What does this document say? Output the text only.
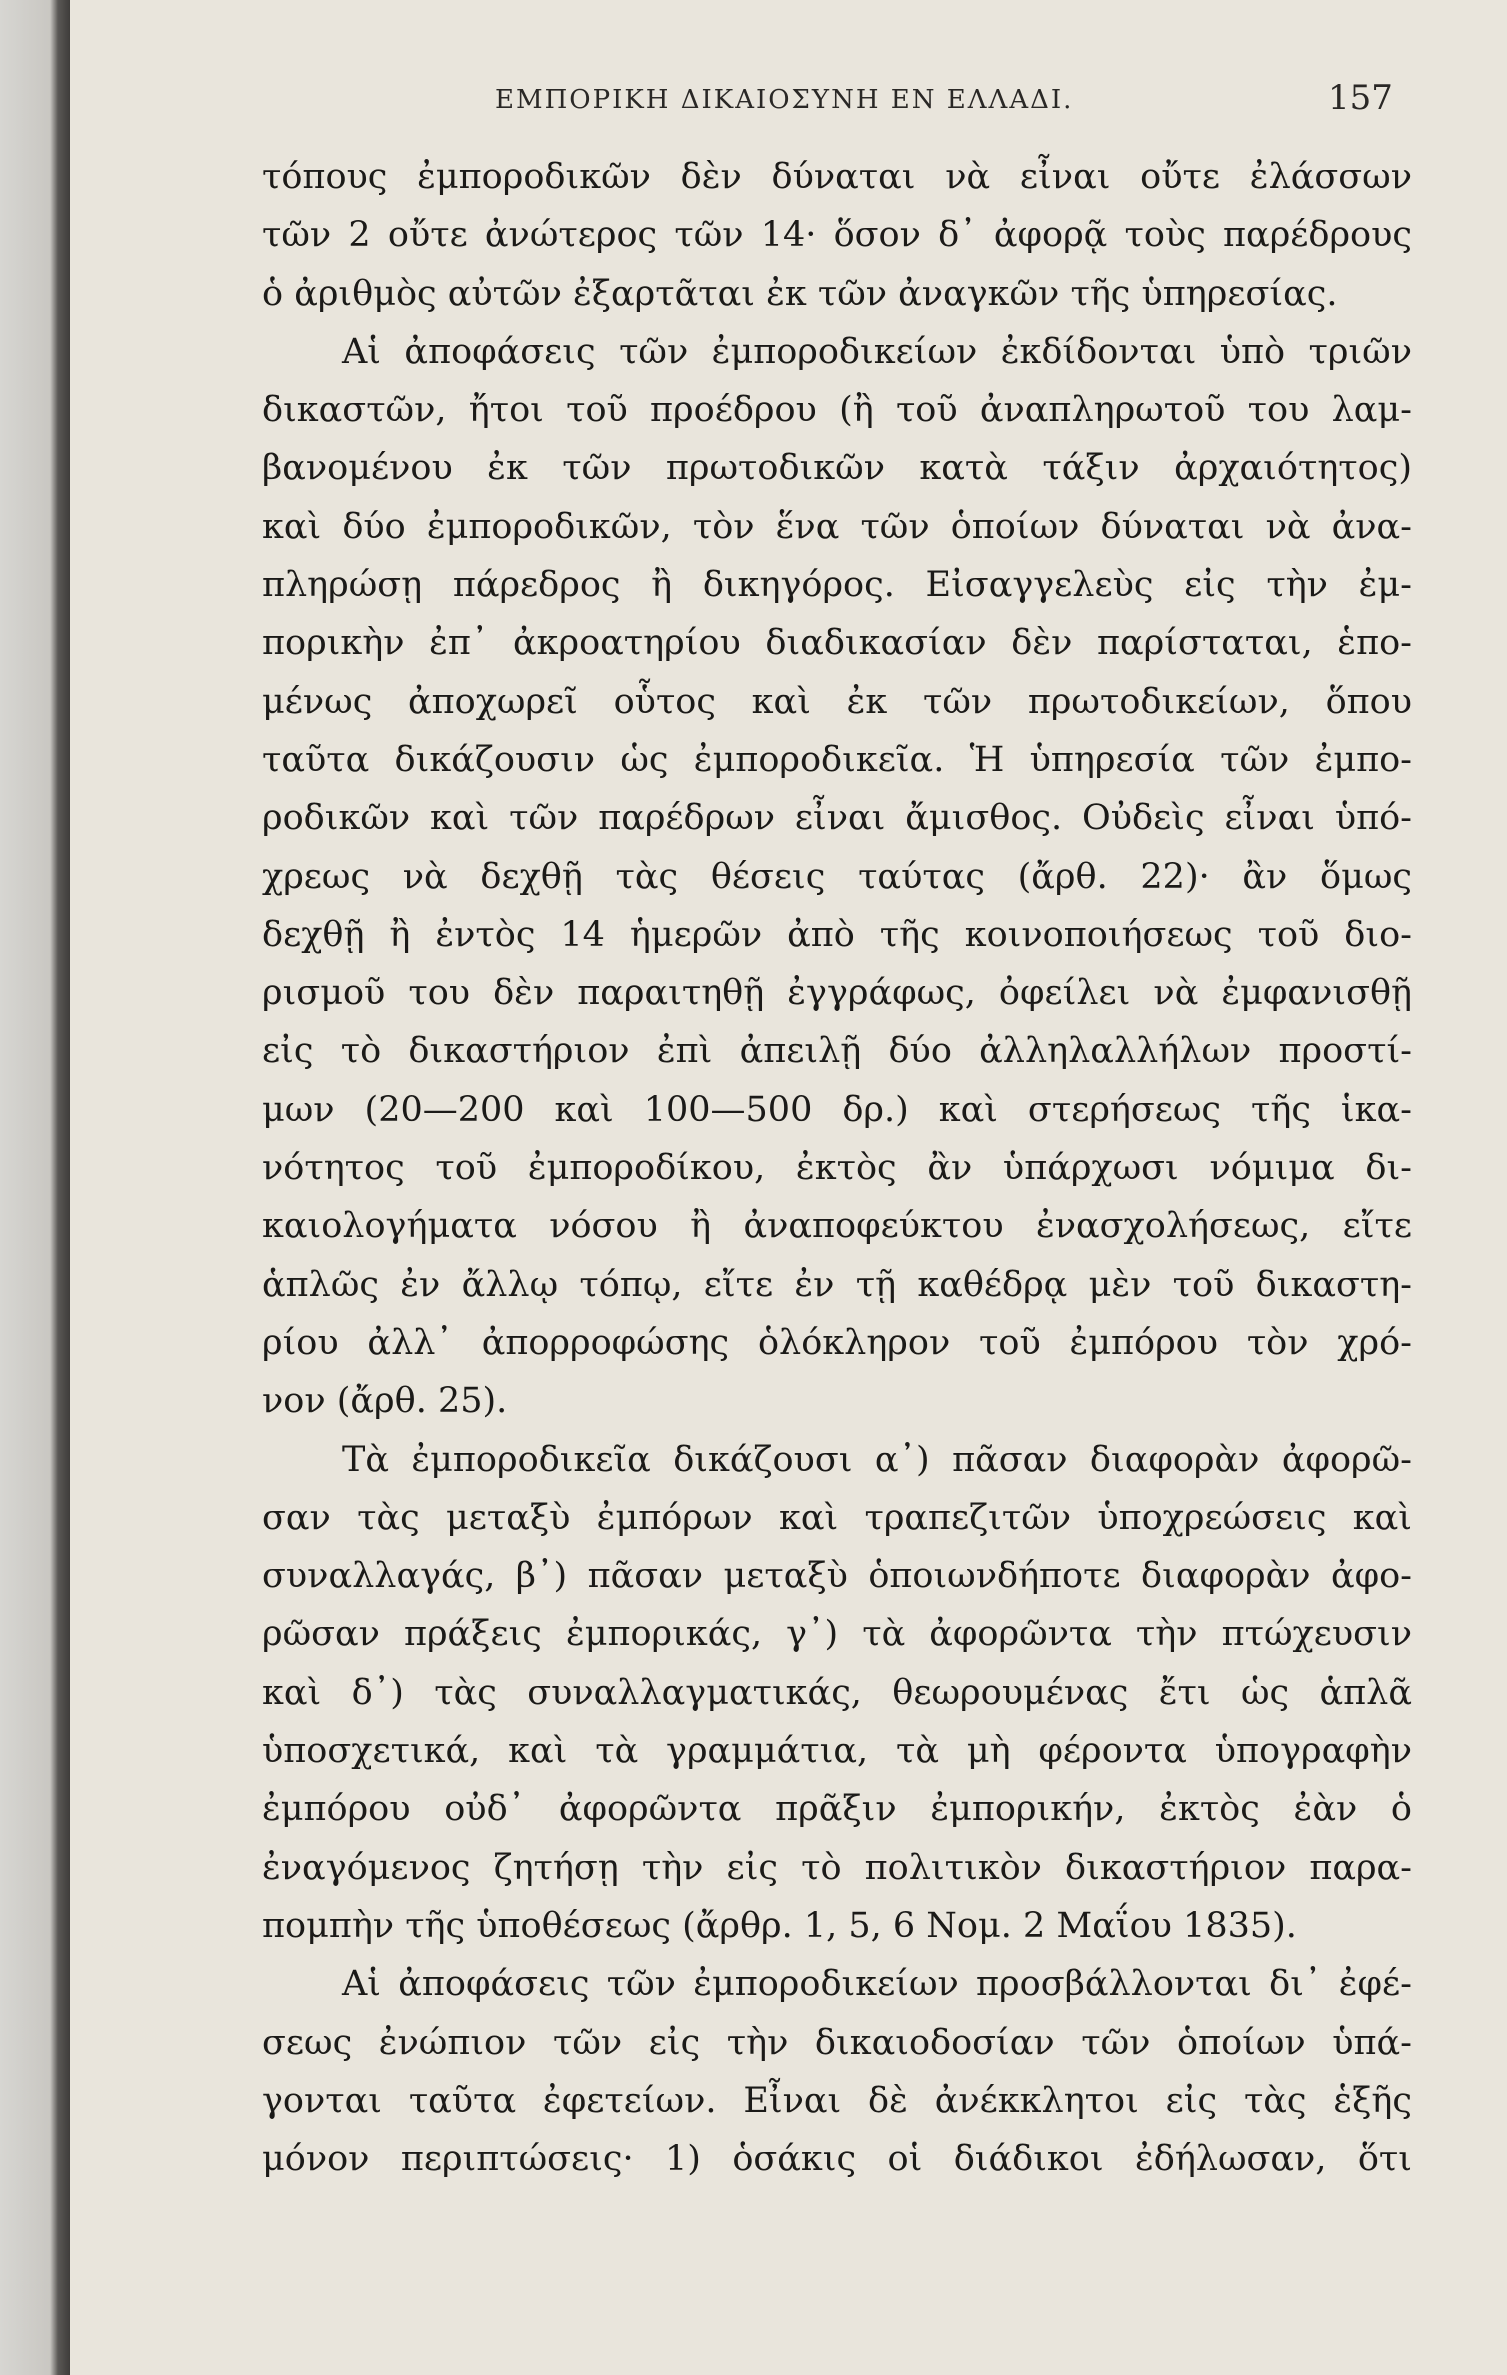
ΕΜΠΟΡΙΚΗ ΔΙΚΑΙΟΣΥΝΗ ΕΝ ΕΛΛΑΔΙ.	157
τόπους ἐμποροδικῶν δὲν δύναται νὰ εἶναι οὔτε ἐλάσσων
τῶν 2 οὔτε ἀνώτερος τῶν 14· ὅσον δ᾿ ἀφορᾷ τοὺς παρέδρους
ὁ ἀριθμὸς αὐτῶν ἐξαρτᾶται ἐκ τῶν ἀναγκῶν τῆς ὑπηρεσίας.
Αἱ ἀποφάσεις τῶν ἐμποροδικείων ἐκδίδονται ὑπὸ τριῶν
δικαστῶν, ἤτοι τοῦ προέδρου (ἢ τοῦ ἀναπληρωτοῦ του λαμ-
βανομένου ἐκ τῶν πρωτοδικῶν κατὰ τάξιν ἀρχαιότητος)
καὶ δύο ἐμποροδικῶν, τὸν ἕνα τῶν ὁποίων δύναται νὰ ἀνα-
πληρώσῃ πάρεδρος ἢ δικηγόρος. Εἰσαγγελεὺς εἰς τὴν ἐμ-
πορικὴν ἐπ᾿ ἀκροατηρίου διαδικασίαν δὲν παρίσταται, ἑπο-
μένως ἀποχωρεῖ οὗτος καὶ ἐκ τῶν πρωτοδικείων, ὅπου
ταῦτα δικάζουσιν ὡς ἐμποροδικεῖα. Ἡ ὑπηρεσία τῶν ἐμπο-
ροδικῶν καὶ τῶν παρέδρων εἶναι ἄμισθος. Οὐδεὶς εἶναι ὑπό-
χρεως νὰ δεχθῇ τὰς θέσεις ταύτας (ἄρθ. 22)· ἂν ὅμως
δεχθῇ ἢ ἐντὸς 14 ἡμερῶν ἀπὸ τῆς κοινοποιήσεως τοῦ διο-
ρισμοῦ του δὲν παραιτηθῇ ἐγγράφως, ὀφείλει νὰ ἐμφανισθῇ
εἰς τὸ δικαστήριον ἐπὶ ἀπειλῇ δύο ἀλληλαλλήλων προστί-
μων (20—200 καὶ 100—500 δρ.) καὶ στερήσεως τῆς ἱκα-
νότητος τοῦ ἐμποροδίκου, ἐκτὸς ἂν ὑπάρχωσι νόμιμα δι-
καιολογήματα νόσου ἢ ἀναποφεύκτου ἐνασχολήσεως, εἴτε
ἁπλῶς ἐν ἄλλῳ τόπῳ, εἴτε ἐν τῇ καθέδρᾳ μὲν τοῦ δικαστη-
ρίου ἀλλ᾿ ἀπορροφώσης ὁλόκληρον τοῦ ἐμπόρου τὸν χρό-
νον (ἄρθ. 25).
Τὰ ἐμποροδικεῖα δικάζουσι α᾿) πᾶσαν διαφορὰν ἀφορῶ-
σαν τὰς μεταξὺ ἐμπόρων καὶ τραπεζιτῶν ὑποχρεώσεις καὶ
συναλλαγάς, β᾿) πᾶσαν μεταξὺ ὁποιωνδήποτε διαφορὰν ἀφο-
ρῶσαν πράξεις ἐμπορικάς, γ᾿) τὰ ἀφορῶντα τὴν πτώχευσιν
καὶ δ᾿) τὰς συναλλαγματικάς, θεωρουμένας ἔτι ὡς ἁπλᾶ
ὑποσχετικά, καὶ τὰ γραμμάτια, τὰ μὴ φέροντα ὑπογραφὴν
ἐμπόρου οὐδ᾿ ἀφορῶντα πρᾶξιν ἐμπορικήν, ἐκτὸς ἐὰν ὁ
ἐναγόμενος ζητήσῃ τὴν εἰς τὸ πολιτικὸν δικαστήριον παρα-
πομπὴν τῆς ὑποθέσεως (ἄρθρ. 1, 5, 6 Νομ. 2 Μαΐου 1835).
Αἱ ἀποφάσεις τῶν ἐμποροδικείων προσβάλλονται δι᾿ ἐφέ-
σεως ἐνώπιον τῶν εἰς τὴν δικαιοδοσίαν τῶν ὁποίων ὑπά-
γονται ταῦτα ἐφετείων. Εἶναι δὲ ἀνέκκλητοι εἰς τὰς ἑξῆς
μόνον περιπτώσεις· 1) ὁσάκις οἱ διάδικοι ἐδήλωσαν, ὅτι
